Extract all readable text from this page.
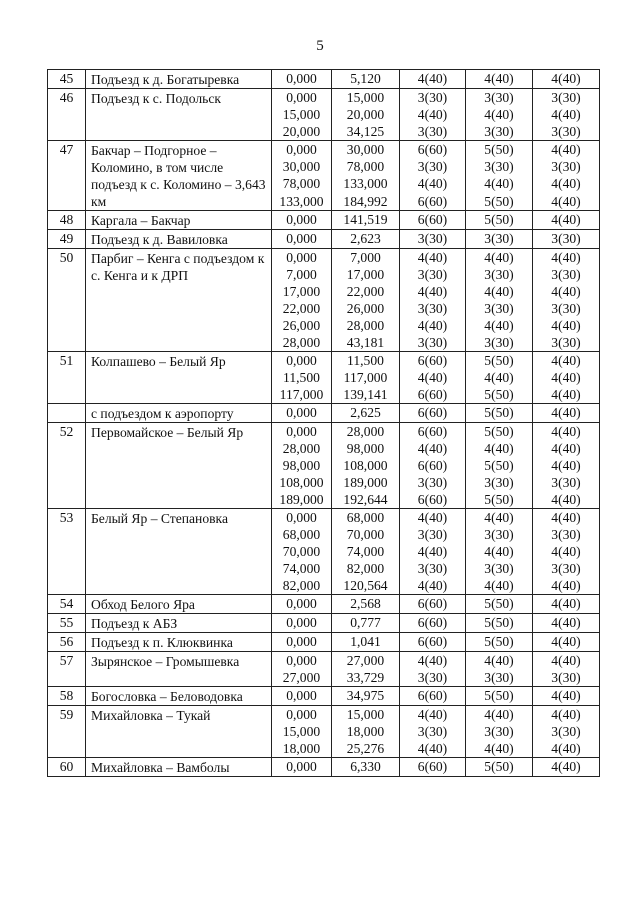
5
45	Подъезд к д. Богатыревка	0,000	5,120	4(40)	4(40)	4(40)
46	Подъезд к с. Подольск	0,000	15,000	3(30)	3(30)	3(30)
		15,000	20,000	4(40)	4(40)	4(40)
		20,000	34,125	3(30)	3(30)	3(30)
47	Бакчар – Подгорное – Коломино, в том числе подъезд к с. Коломино – 3,643 км	0,000	30,000	6(60)	5(50)	4(40)
		30,000	78,000	3(30)	3(30)	3(30)
		78,000	133,000	4(40)	4(40)	4(40)
		133,000	184,992	6(60)	5(50)	4(40)
48	Каргала – Бакчар	0,000	141,519	6(60)	5(50)	4(40)
49	Подъезд к д. Вавиловка	0,000	2,623	3(30)	3(30)	3(30)
50	Парбиг – Кенга с подъездом к с. Кенга и к ДРП	0,000	7,000	4(40)	4(40)	4(40)
		7,000	17,000	3(30)	3(30)	3(30)
		17,000	22,000	4(40)	4(40)	4(40)
		22,000	26,000	3(30)	3(30)	3(30)
		26,000	28,000	4(40)	4(40)	4(40)
		28,000	43,181	3(30)	3(30)	3(30)
51	Колпашево – Белый Яр	0,000	11,500	6(60)	5(50)	4(40)
		11,500	117,000	4(40)	4(40)	4(40)
		117,000	139,141	6(60)	5(50)	4(40)
	с подъездом к аэропорту	0,000	2,625	6(60)	5(50)	4(40)
52	Первомайское – Белый Яр	0,000	28,000	6(60)	5(50)	4(40)
		28,000	98,000	4(40)	4(40)	4(40)
		98,000	108,000	6(60)	5(50)	4(40)
		108,000	189,000	3(30)	3(30)	3(30)
		189,000	192,644	6(60)	5(50)	4(40)
53	Белый Яр – Степановка	0,000	68,000	4(40)	4(40)	4(40)
		68,000	70,000	3(30)	3(30)	3(30)
		70,000	74,000	4(40)	4(40)	4(40)
		74,000	82,000	3(30)	3(30)	3(30)
		82,000	120,564	4(40)	4(40)	4(40)
54	Обход Белого Яра	0,000	2,568	6(60)	5(50)	4(40)
55	Подъезд к АБЗ	0,000	0,777	6(60)	5(50)	4(40)
56	Подъезд к п. Клюквинка	0,000	1,041	6(60)	5(50)	4(40)
57	Зырянское – Громышевка	0,000	27,000	4(40)	4(40)	4(40)
		27,000	33,729	3(30)	3(30)	3(30)
58	Богословка – Беловодовка	0,000	34,975	6(60)	5(50)	4(40)
59	Михайловка – Тукай	0,000	15,000	4(40)	4(40)	4(40)
		15,000	18,000	3(30)	3(30)	3(30)
		18,000	25,276	4(40)	4(40)	4(40)
60	Михайловка – Вамболы	0,000	6,330	6(60)	5(50)	4(40)
